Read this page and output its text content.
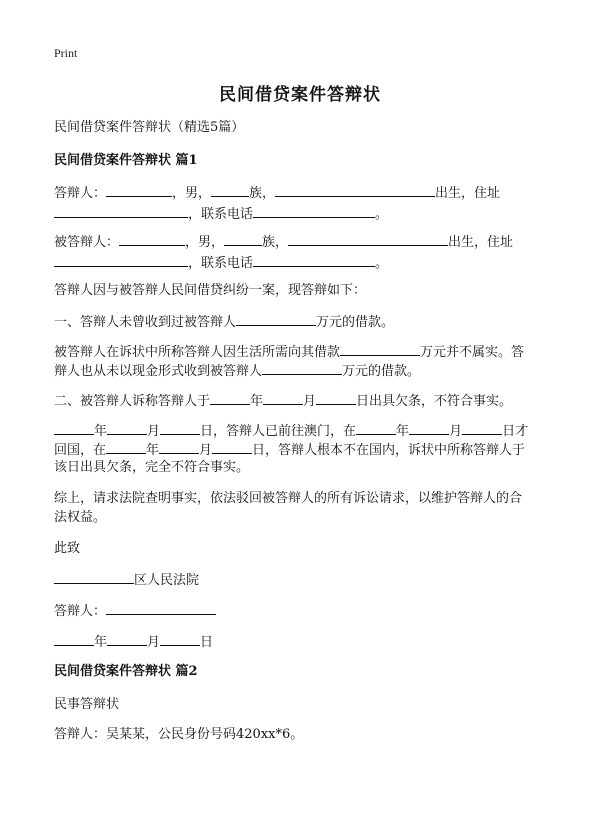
Print
民间借贷案件答辩状
民间借贷案件答辩状（精选5篇）
民间借贷案件答辩状 篇1
答辩人：	，男，	族，	出生，住址
，联系电话	。
被答辩人：	，男，	族，	出生，住址
，联系电话	。
答辩人因与被答辩人民间借贷纠纷一案，现答辩如下：
一、答辩人未曾收到过被答辩人	万元的借款。
被答辩人在诉状中所称答辩人因生活所需向其借款	万元并不属实。答
辩人也从未以现金形式收到被答辩人	万元的借款。
二、被答辩人诉称答辩人于	年	月	日出具欠条，不符合事实。
年	月	日，答辩人已前往澳门，在	年	月	日才
回国，在	年	月	日，答辩人根本不在国内，诉状中所称答辩人于
该日出具欠条，完全不符合事实。
综上，请求法院查明事实，依法驳回被答辩人的所有诉讼请求，以维护答辩人的合
法权益。
此致
区人民法院
答辩人：
年	月	日
民间借贷案件答辩状 篇2
民事答辩状
答辩人：吴某某，公民身份号码420xx*6。
